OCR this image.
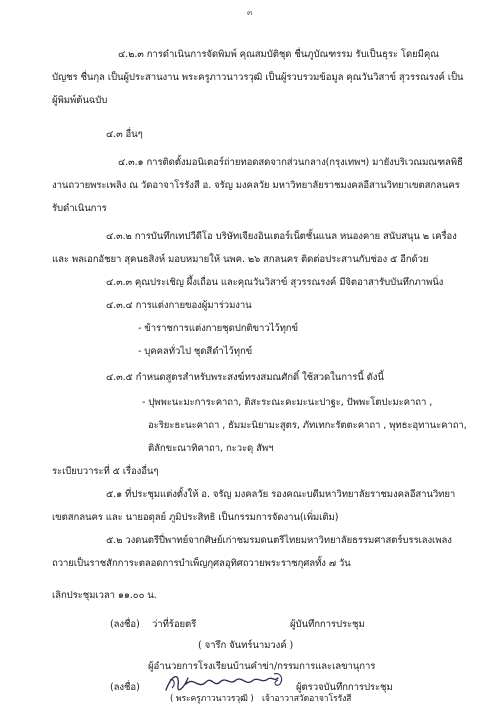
๓
๔.๒.๓ การดำเนินการจัดพิมพ์ คุณสมบัติชุด ชื่นภูบัณฑรรม รับเป็นธุระ โดยมีคุณ
บัญชร ชื่นกุล เป็นผู้ประสานงาน พระครูภาวนาวรวุฒิ เป็นผู้รวบรวมข้อมูล คุณวันวิสาข์ สุวรรณรงค์ เป็น
ผู้พิมพ์ต้นฉบับ
๔.๓ อื่นๆ
๔.๓.๑ การติดตั้งมอนิเตอร์ถ่ายทอดสดจากส่วนกลาง(กรุงเทพฯ) มายังบริเวณมณฑลพิธี
งานถวายพระเพลิง ณ วัดอาจาโรรังสี อ. จรัญ มงคลวัย มหาวิทยาลัยราชมงคลอีสานวิทยาเขตสกลนคร
รับดำเนินการ
๔.๓.๒ การบันทึกเทปวีดีโอ บริษัทเจียงอินเตอร์เน็ตชั้นแนล หนองคาย สนับสนุน ๒ เครื่อง
และ พลเอกอัชยา สุคนธสิงห์ มอบหมายให้ นพค. ๒๖ สกลนคร ติดต่อประสานกับช่อง ๕ อีกด้วย
๔.๓.๓ คุณประเชิญ ผึ้งเถื่อน และคุณวันวิสาข์ สุวรรณรงค์ มีจิตอาสารับบันทึกภาพนิ่ง
๔.๓.๔ การแต่งกายของผู้มาร่วมงาน
- ข้าราชการแต่งกายชุดปกติขาวไว้ทุกข์
- บุคคลทั่วไป ชุดสีดำไว้ทุกข์
๔.๓.๕ กำหนดสูตรสำหรับพระสงฆ์ทรงสมณศักดิ์ ใช้สวดในการนี้ ดังนี้
- ปุพพะนะมะการะคาถา, ติสะระณะคะมะนะปาฐะ, ปัพพะโตปะมะคาถา ,
อะริยะธะนะคาถา , ธัมมะนิยามะสูตร, ภัทเทกะรัตตะคาถา , พุทธะอุทานะคาถา,
ติลักขะณาทิคาถา, กะวะดุ สัพฯ
ระเบียบวาระที่ ๕ เรื่องอื่นๆ
๕.๑ ที่ประชุมแต่งตั้งให้ อ. จรัญ มงคลวัย รองคณะบดีมหาวิทยาลัยราชมงคลอีสานวิทยา
เขตสกลนคร และ นายอดุลย์ ภูมิประสิทธิ เป็นกรรมการจัดงาน(เพิ่มเติม)
๕.๒ วงดนตรีปี่พาทย์จากศิษย์เก่าชมรมดนตรีไทยมหาวิทยาลัยธรรมศาสตร์บรรเลงเพลง
ถวายเป็นราชสักการะตลอดการบำเพ็ญกุศลอุทิศถวายพระราชกุศลทั้ง ๗ วัน
เลิกประชุมเวลา ๑๑.๐๐ น.
(ลงชื่อ) ว่าที่ร้อยตรี	ผู้บันทึกการประชุม
( จารึก จันทร์นามวงค์ )
ผู้อำนวยการโรงเรียนบ้านคำข่า/กรรมการและเลขานุการ
(ลงชื่อ)	ผู้ตรวจบันทึกการประชุม
( พระครูภาวนาวรวุฒิ ) เจ้าอาวาสวัดอาจาโรรังสี
